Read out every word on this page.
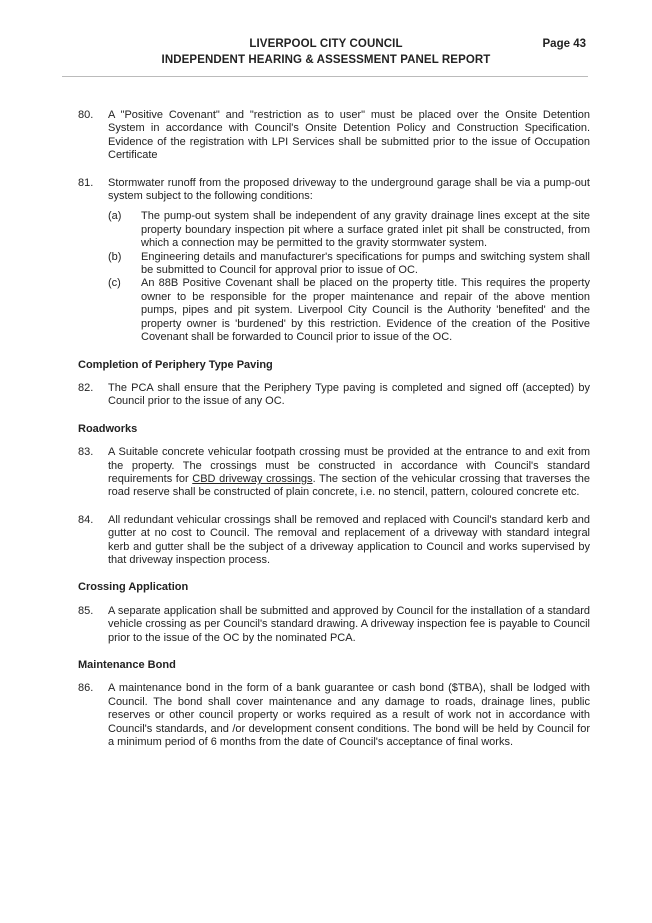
LIVERPOOL CITY COUNCIL
INDEPENDENT HEARING & ASSESSMENT PANEL REPORT
Page 43

80. A "Positive Covenant" and "restriction as to user" must be placed over the Onsite Detention System in accordance with Council's Onsite Detention Policy and Construction Specification. Evidence of the registration with LPI Services shall be submitted prior to the issue of Occupation Certificate

81. Stormwater runoff from the proposed driveway to the underground garage shall be via a pump-out system subject to the following conditions:

(a) The pump-out system shall be independent of any gravity drainage lines except at the site property boundary inspection pit where a surface grated inlet pit shall be constructed, from which a connection may be permitted to the gravity stormwater system.

(b) Engineering details and manufacturer's specifications for pumps and switching system shall be submitted to Council for approval prior to issue of OC.

(c) An 88B Positive Covenant shall be placed on the property title. This requires the property owner to be responsible for the proper maintenance and repair of the above mention pumps, pipes and pit system. Liverpool City Council is the Authority 'benefited' and the property owner is 'burdened' by this restriction. Evidence of the creation of the Positive Covenant shall be forwarded to Council prior to issue of the OC.

Completion of Periphery Type Paving

82. The PCA shall ensure that the Periphery Type paving is completed and signed off (accepted) by Council prior to the issue of any OC.

Roadworks

83. A Suitable concrete vehicular footpath crossing must be provided at the entrance to and exit from the property. The crossings must be constructed in accordance with Council's standard requirements for CBD driveway crossings. The section of the vehicular crossing that traverses the road reserve shall be constructed of plain concrete, i.e. no stencil, pattern, coloured concrete etc.

84. All redundant vehicular crossings shall be removed and replaced with Council's standard kerb and gutter at no cost to Council. The removal and replacement of a driveway with standard integral kerb and gutter shall be the subject of a driveway application to Council and works supervised by that driveway inspection process.

Crossing Application

85. A separate application shall be submitted and approved by Council for the installation of a standard vehicle crossing as per Council's standard drawing. A driveway inspection fee is payable to Council prior to the issue of the OC by the nominated PCA.

Maintenance Bond

86. A maintenance bond in the form of a bank guarantee or cash bond ($TBA), shall be lodged with Council. The bond shall cover maintenance and any damage to roads, drainage lines, public reserves or other council property or works required as a result of work not in accordance with Council's standards, and /or development consent conditions. The bond will be held by Council for a minimum period of 6 months from the date of Council's acceptance of final works.
